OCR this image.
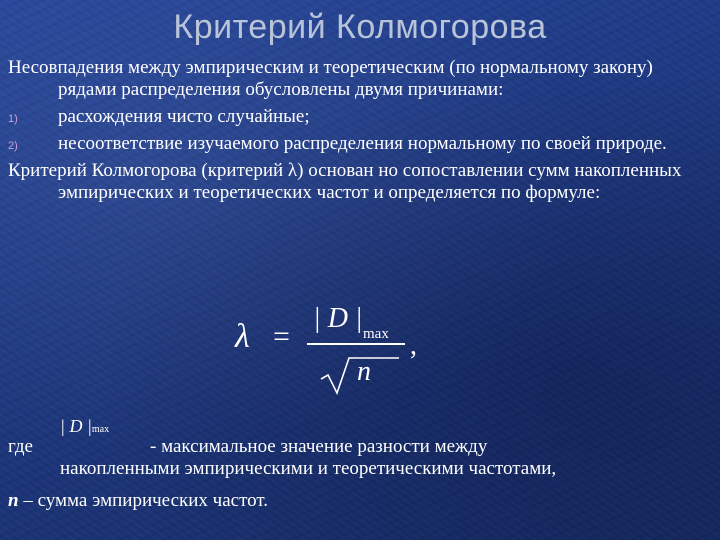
Критерий Колмогорова

Несовпадения между эмпирическим и теоретическим (по нормальному закону) рядами распределения обусловлены двумя причинами:

1) расхождения чисто случайные;
2) несоответствие изучаемого распределения нормальному по своей природе.

Критерий Колмогорова (критерий λ) основан но сопоставлении сумм накопленных эмпирических и теоретических частот и определяется по формуле:

λ =
| D | max
n
,
где
| D |max
- максимальное значение разности между
накопленными эмпирическими и теоретическими частотами,
n – сумма эмпирических частот.
